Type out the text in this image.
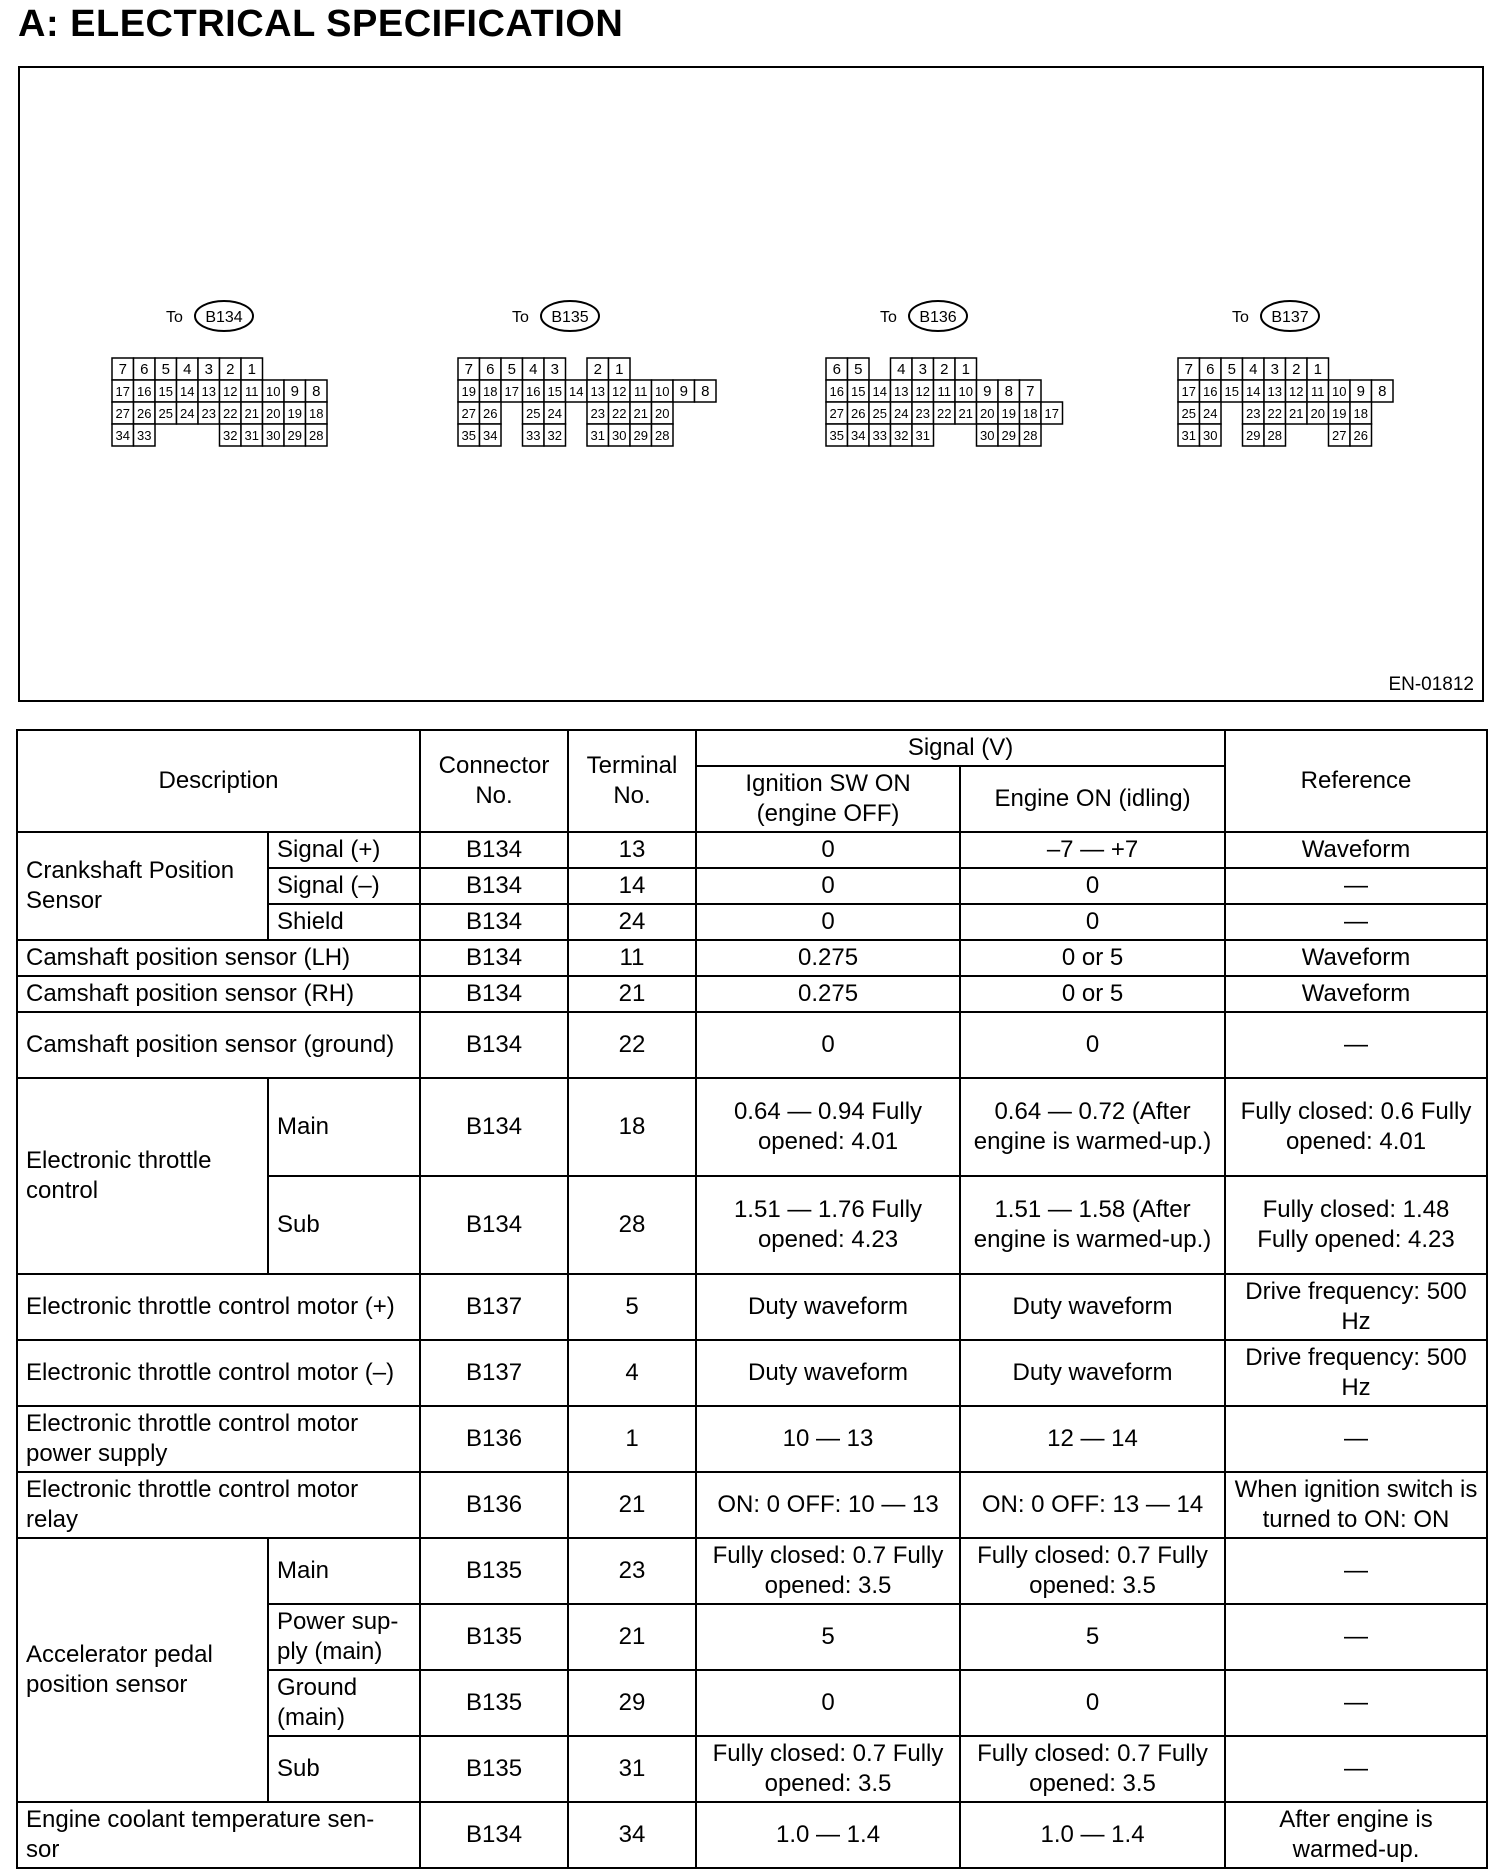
A: ELECTRICAL SPECIFICATION
To B134
7 6 5 4 3 2 1
17 16 15 14 13 12 11 10 9 8
27 26 25 24 23 22 21 20 19 18
34 33	32 31 30 29 28
To B135
7 6 5 4 3 2 1
19 18 17 16 15 14 13 12 11 10 9 8
27 26 25 24 23 22 21 20
35 34 33 32 31 30 29 28
To B136
6 5 4 3 2 1
16 15 14 13 12 11 10 9 8 7
27 26 25 24 23 22 21 20 19 18 17
35 34 33 32 31	30 29 28
To B137
7 6 5 4 3 2 1
17 16 15 14 13 12 11 10 9 8
25 24 23 22 21 20 19 18
31 30 29 28	27 26
EN-01812
Description		Connector No.	Terminal No.	Signal (V)		Reference
				Ignition SW ON (engine OFF)	Engine ON (idling)	
Crankshaft Position Sensor	Signal (+)	B134	13	0	–7 — +7	Waveform
	Signal (–)	B134	14	0	0	—
	Shield	B134	24	0	0	—
Camshaft position sensor (LH)		B134	11	0.275	0 or 5	Waveform
Camshaft position sensor (RH)		B134	21	0.275	0 or 5	Waveform
Camshaft position sensor (ground)		B134	22	0	0	—
Electronic throttle control	Main	B134	18	0.64 — 0.94 Fully opened: 4.01	0.64 — 0.72 (After engine is warmed-up.)	Fully closed: 0.6 Fully opened: 4.01
	Sub	B134	28	1.51 — 1.76 Fully opened: 4.23	1.51 — 1.58 (After engine is warmed-up.)	Fully closed: 1.48 Fully opened: 4.23
Electronic throttle control motor (+)		B137	5	Duty waveform	Duty waveform	Drive frequency: 500 Hz
Electronic throttle control motor (–)		B137	4	Duty waveform	Duty waveform	Drive frequency: 500 Hz
Electronic throttle control motor power supply		B136	1	10 — 13	12 — 14	—
Electronic throttle control motor relay		B136	21	ON: 0 OFF: 10 — 13	ON: 0 OFF: 13 — 14	When ignition switch is turned to ON: ON
Accelerator pedal position sensor	Main	B135	23	Fully closed: 0.7 Fully opened: 3.5	Fully closed: 0.7 Fully opened: 3.5	—
	Power sup- ply (main)	B135	21	5	5	—
	Ground (main)	B135	29	0	0	—
	Sub	B135	31	Fully closed: 0.7 Fully opened: 3.5	Fully closed: 0.7 Fully opened: 3.5	—
Engine coolant temperature sen- sor		B134	34	1.0 — 1.4	1.0 — 1.4	After engine is warmed-up.
